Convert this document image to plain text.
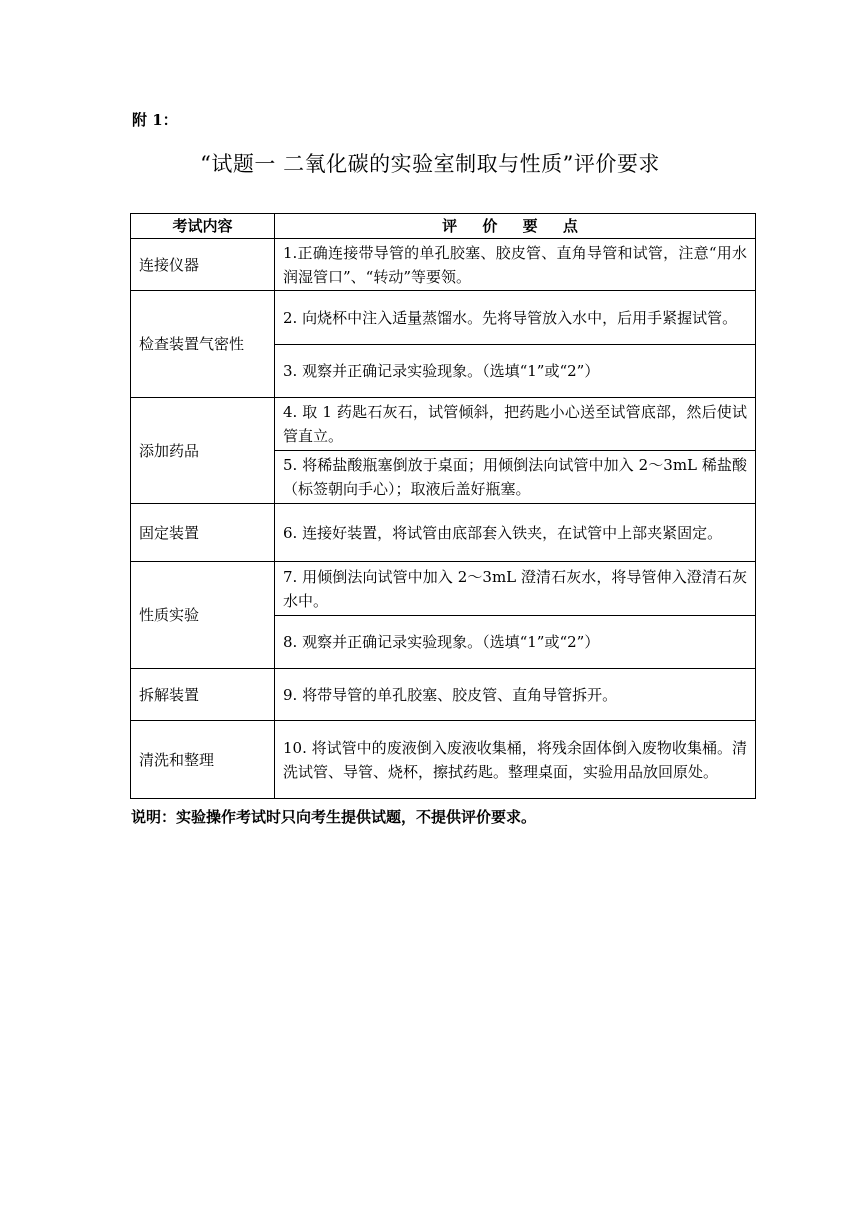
附 1：
“试题一 二氧化碳的实验室制取与性质”评价要求
考试内容	评 价 要 点
连接仪器	1.正确连接带导管的单孔胶塞、胶皮管、直角导管和试管，注意“用水润湿管口”、“转动”等要领。
检查装置气密性	2. 向烧杯中注入适量蒸馏水。先将导管放入水中，后用手紧握试管。
	3. 观察并正确记录实验现象。（选填“1”或“2”）
添加药品	4. 取 1 药匙石灰石，试管倾斜，把药匙小心送至试管底部，然后使试管直立。
	5. 将稀盐酸瓶塞倒放于桌面；用倾倒法向试管中加入 2～3mL 稀盐酸（标签朝向手心）；取液后盖好瓶塞。
固定装置	6. 连接好装置，将试管由底部套入铁夹，在试管中上部夹紧固定。
性质实验	7. 用倾倒法向试管中加入 2～3mL 澄清石灰水，将导管伸入澄清石灰水中。
	8. 观察并正确记录实验现象。（选填“1”或“2”）
拆解装置	9. 将带导管的单孔胶塞、胶皮管、直角导管拆开。
清洗和整理	10. 将试管中的废液倒入废液收集桶，将残余固体倒入废物收集桶。清洗试管、导管、烧杯，擦拭药匙。整理桌面，实验用品放回原处。
说明：实验操作考试时只向考生提供试题，不提供评价要求。
